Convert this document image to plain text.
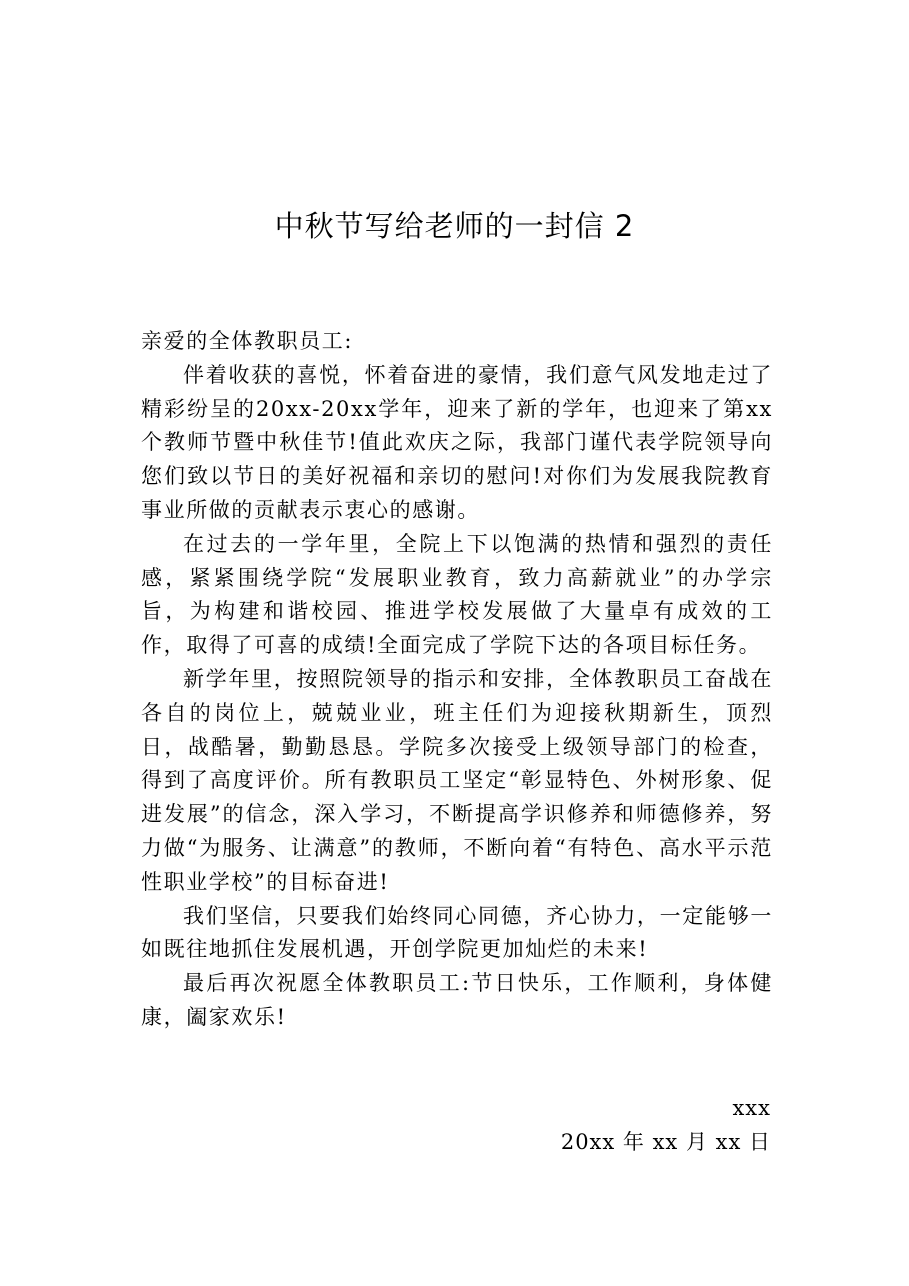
中秋节写给老师的一封信 2

亲爱的全体教职员工:

伴着收获的喜悦，怀着奋进的豪情，我们意气风发地走过了精彩纷呈的20xx-20xx学年，迎来了新的学年，也迎来了第xx个教师节暨中秋佳节!值此欢庆之际，我部门谨代表学院领导向您们致以节日的美好祝福和亲切的慰问!对你们为发展我院教育事业所做的贡献表示衷心的感谢。

在过去的一学年里，全院上下以饱满的热情和强烈的责任感，紧紧围绕学院“发展职业教育，致力高薪就业”的办学宗旨，为构建和谐校园、推进学校发展做了大量卓有成效的工作，取得了可喜的成绩!全面完成了学院下达的各项目标任务。

新学年里，按照院领导的指示和安排，全体教职员工奋战在各自的岗位上，兢兢业业，班主任们为迎接秋期新生，顶烈日，战酷暑，勤勤恳恳。学院多次接受上级领导部门的检查，得到了高度评价。所有教职员工坚定“彰显特色、外树形象、促进发展”的信念，深入学习，不断提高学识修养和师德修养，努力做“为服务、让满意”的教师，不断向着“有特色、高水平示范性职业学校”的目标奋进!

我们坚信，只要我们始终同心同德，齐心协力，一定能够一如既往地抓住发展机遇，开创学院更加灿烂的未来!

最后再次祝愿全体教职员工:节日快乐，工作顺利，身体健康，阖家欢乐!

xxx
20xx 年 xx 月 xx 日
